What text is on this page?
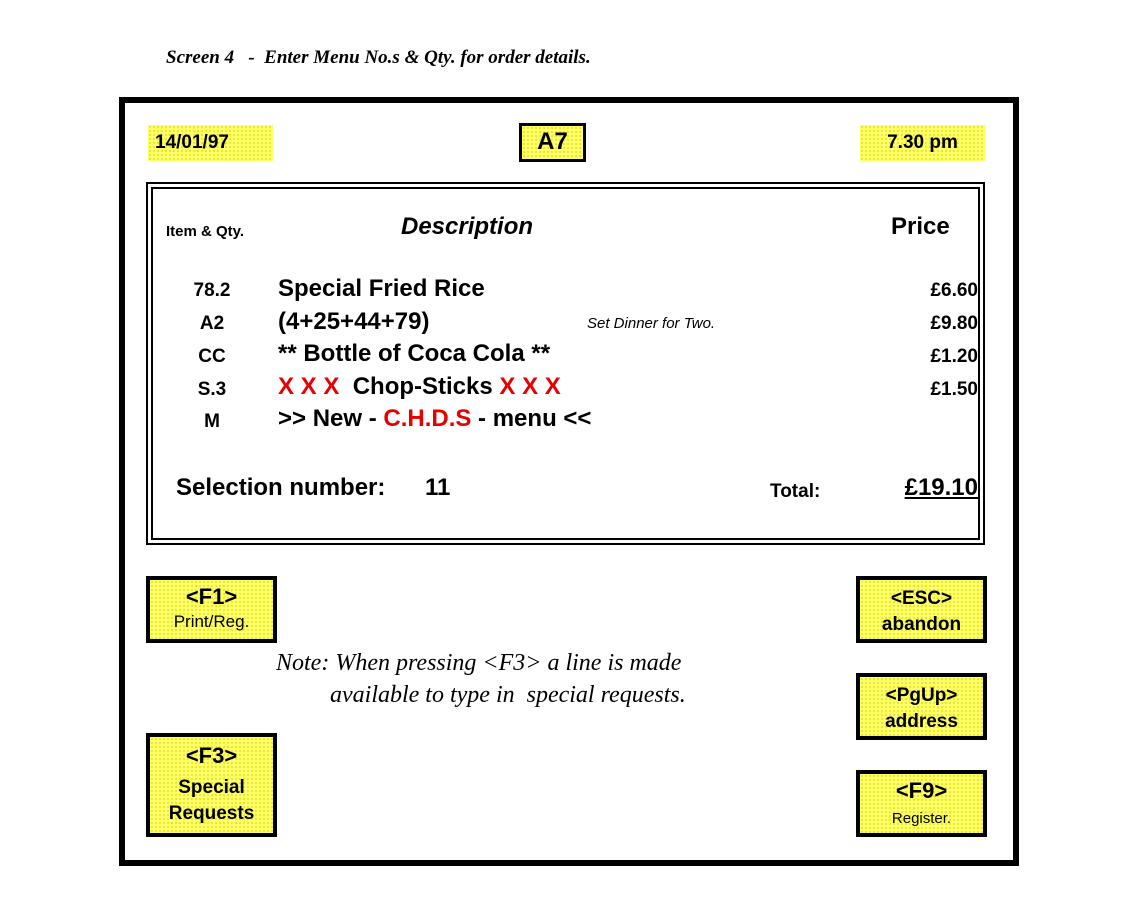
Screen 4   -  Enter Menu No.s & Qty. for order details.
14/01/97	A7	7.30 pm
Item & Qty.	Description	Price
78.2	Special Fried Rice	£6.60
A2	(4+25+44+79)	Set Dinner for Two.	£9.80
CC	** Bottle of Coca Cola **	£1.20
S.3	X X X  Chop-Sticks X X X	£1.50
M	>> New - C.H.D.S - menu <<
Selection number: 11	Total:	£19.10
<F1>
Print/Reg.
<F3>
Special
Requests
<ESC>
abandon
<PgUp>
address
<F9>
Register.
Note: When pressing <F3> a line is made
available to type in  special requests.
